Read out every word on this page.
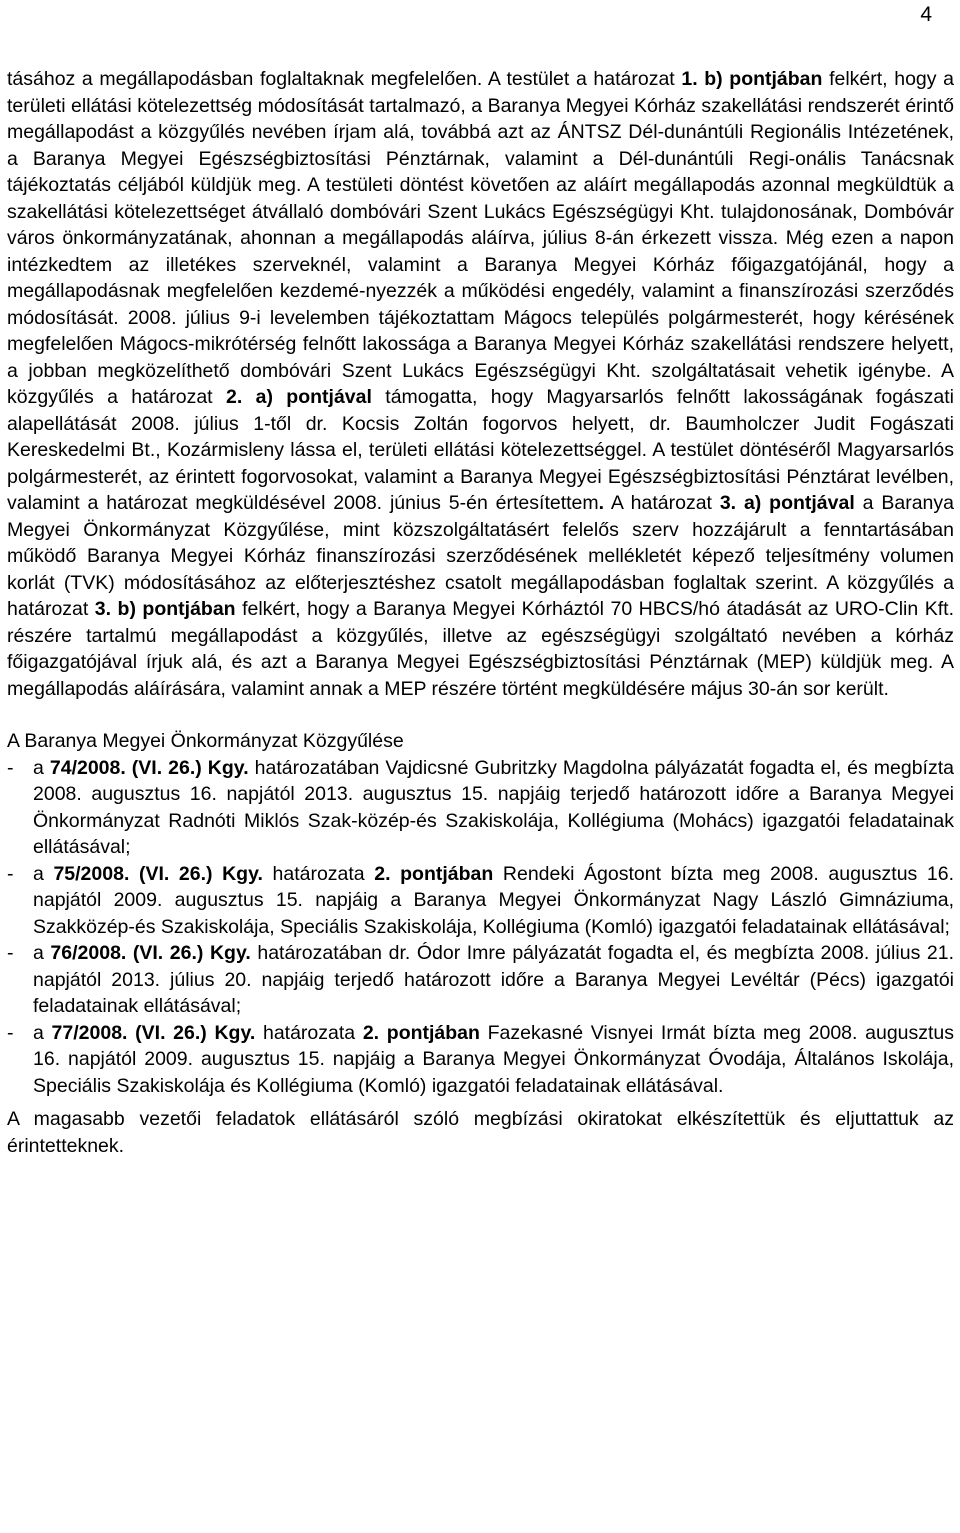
4

tásához a megállapodásban foglaltaknak megfelelően. A testület a határozat 1. b) pontjában felkért, hogy a területi ellátási kötelezettség módosítását tartalmazó, a Baranya Megyei Kórház szakellátási rendszerét érintő megállapodást a közgyűlés nevében írjam alá, továbbá azt az ÁNTSZ Dél-dunántúli Regionális Intézetének, a Baranya Megyei Egészségbiztosítási Pénztárnak, valamint a Dél-dunántúli Regi-onális Tanácsnak tájékoztatás céljából küldjük meg. A testületi döntést követően az aláírt megállapodás azonnal megküldtük a szakellátási kötelezettséget átvállaló dombóvári Szent Lukács Egészségügyi Kht. tulajdonosának, Dombóvár város önkormányzatának, ahonnan a megállapodás aláírva, július 8-án érkezett vissza. Még ezen a napon intézkedtem az illetékes szerveknél, valamint a Baranya Megyei Kórház főigazgatójánál, hogy a megállapodásnak megfelelően kezdemé-nyezzék a működési engedély, valamint a finanszírozási szerződés módosítását. 2008. július 9-i levelemben tájékoztattam Mágocs település polgármesterét, hogy kérésének megfelelően Mágocs-mikrótérség felnőtt lakossága a Baranya Megyei Kórház szakellátási rendszere helyett, a jobban megközelíthető dombóvári Szent Lukács Egészségügyi Kht. szolgáltatásait vehetik igénybe. A közgyűlés a határozat 2. a) pontjával támogatta, hogy Magyarsarlós felnőtt lakosságának fogászati alapellátását 2008. július 1-től dr. Kocsis Zoltán fogorvos helyett, dr. Baumholczer Judit Fogászati Kereskedelmi Bt., Kozármisleny lássa el, területi ellátási kötelezettséggel. A testület döntéséről Magyarsarlós polgármesterét, az érintett fogorvosokat, valamint a Baranya Megyei Egészségbiztosítási Pénztárat levélben, valamint a határozat megküldésével 2008. június 5-én értesítettem. A határozat 3. a) pontjával a Baranya Megyei Önkormányzat Közgyűlése, mint közszolgáltatásért felelős szerv hozzájárult a fenntartásában működő Baranya Megyei Kórház finanszírozási szerződésének mellékletét képező teljesítmény volumen korlát (TVK) módosításához az előterjesztéshez csatolt megállapodásban foglaltak szerint. A közgyűlés a határozat 3. b) pontjában felkért, hogy a Baranya Megyei Kórháztól 70 HBCS/hó átadását az URO-Clin Kft. részére tartalmú megállapodást a közgyűlés, illetve az egészségügyi szolgáltató nevében a kórház főigazgatójával írjuk alá, és azt a Baranya Megyei Egészségbiztosítási Pénztárnak (MEP) küldjük meg. A megállapodás aláírására, valamint annak a MEP részére történt megküldésére május 30-án sor került.

A Baranya Megyei Önkormányzat Közgyűlése

-	a 74/2008. (VI. 26.) Kgy. határozatában Vajdicsné Gubritzky Magdolna pályázatát fogadta el, és megbízta 2008. augusztus 16. napjától 2013. augusztus 15. napjáig terjedő határozott időre a Baranya Megyei Önkormányzat Radnóti Miklós Szak-közép-és Szakiskolája, Kollégiuma (Mohács) igazgatói feladatainak ellátásával;
-	a 75/2008. (VI. 26.) Kgy. határozata 2. pontjában Rendeki Ágostont bízta meg 2008. augusztus 16. napjától 2009. augusztus 15. napjáig a Baranya Megyei Önkormányzat Nagy László Gimnáziuma, Szakközép-és Szakiskolája, Speciális Szakiskolája, Kollégiuma (Komló) igazgatói feladatainak ellátásával;
-	a 76/2008. (VI. 26.) Kgy. határozatában dr. Ódor Imre pályázatát fogadta el, és megbízta 2008. július 21. napjától 2013. július 20. napjáig terjedő határozott időre a Baranya Megyei Levéltár (Pécs) igazgatói feladatainak ellátásával;
-	a 77/2008. (VI. 26.) Kgy. határozata 2. pontjában Fazekasné Visnyei Irmát bízta meg 2008. augusztus 16. napjától 2009. augusztus 15. napjáig a Baranya Megyei Önkormányzat Óvodája, Általános Iskolája, Speciális Szakiskolája és Kollégiuma (Komló) igazgatói feladatainak ellátásával.

A magasabb vezetői feladatok ellátásáról szóló megbízási okiratokat elkészítettük és eljuttattuk az érintetteknek.
